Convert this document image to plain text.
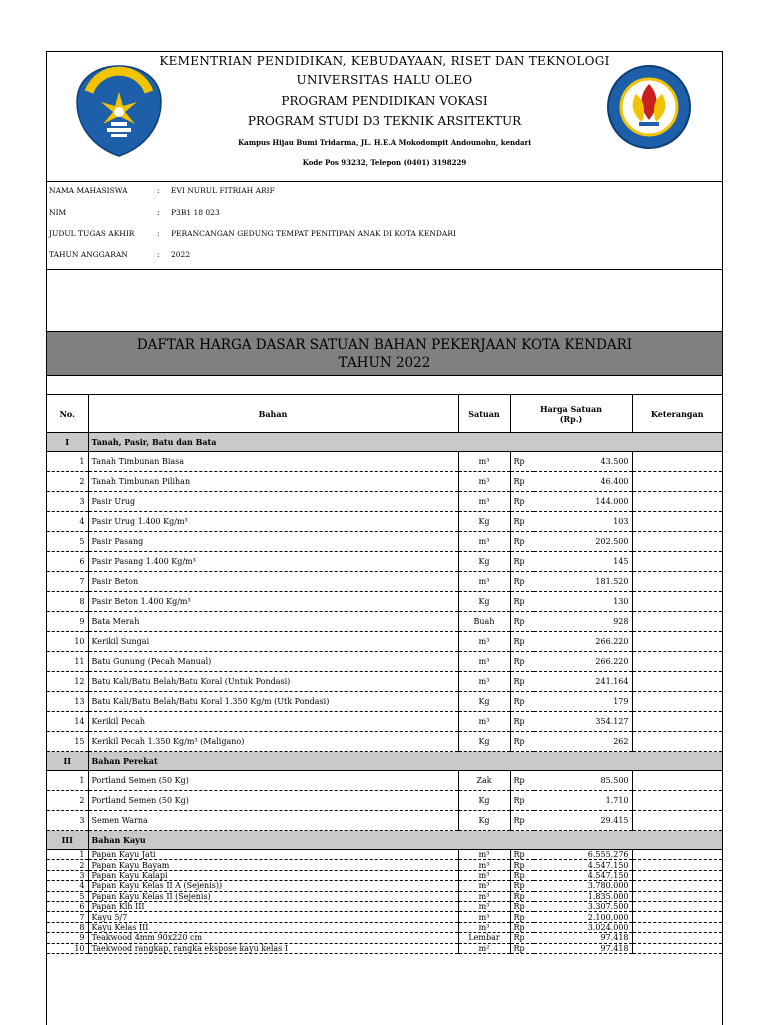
KEMENTRIAN PENDIDIKAN, KEBUDAYAAN, RISET DAN TEKNOLOGI
UNIVERSITAS HALU OLEO
PROGRAM PENDIDIKAN VOKASI
PROGRAM STUDI D3 TEKNIK ARSITEKTUR
Kampus Hijau Bumi Tridarma, JL. H.E.A Mokodompit Andounohu, kendari
Kode Pos 93232, Telepon (0401) 3198229
NAMA MAHASISWA	: EVI NURUL FITRIAH ARIF
NIM	: P3B1 18 023
JUDUL TUGAS AKHIR	: PERANCANGAN GEDUNG TEMPAT PENITIPAN ANAK DI KOTA KENDARI
TAHUN ANGGARAN	: 2022
DAFTAR HARGA DASAR SATUAN BAHAN PEKERJAAN KOTA KENDARI
TAHUN 2022
No.	Bahan	Satuan	Harga Satuan (Rp.)		Keterangan
I	Tanah, Pasir, Batu dan Bata				
1	Tanah Timbunan Biasa	m³	Rp	43.500	
2	Tanah Timbunan Pilihan	m³	Rp	46.400	
3	Pasir Urug	m³	Rp	144.000	
4	Pasir Urug 1.400 Kg/m³	Kg	Rp	103	
5	Pasir Pasang	m³	Rp	202.500	
6	Pasir Pasang 1.400 Kg/m³	Kg	Rp	145	
7	Pasir Beton	m³	Rp	181.520	
8	Pasir Beton 1.400 Kg/m³	Kg	Rp	130	
9	Bata Merah	Buah	Rp	928	
10	Kerikil Sungai	m³	Rp	266.220	
11	Batu Gunung (Pecah Manual)	m³	Rp	266.220	
12	Batu Kali/Batu Belah/Batu Koral (Untuk Pondasi)	m³	Rp	241.164	
13	Batu Kali/Batu Belah/Batu Koral 1.350 Kg/m (Utk Pondasi)	Kg	Rp	179	
14	Kerikil Pecah	m³	Rp	354.127	
15	Kerikil Pecah 1.350 Kg/m³ (Maligano)	Kg	Rp	262	
II	Bahan Perekat				
1	Portland Semen (50 Kg)	Zak	Rp	85.500	
2	Portland Semen (50 Kg)	Kg	Rp	1.710	
3	Semen Warna	Kg	Rp	29.415	
III	Bahan Kayu				
1	Papan Kayu Jati	m³	Rp	6.555.276	
2	Papan Kayu Bayam	m³	Rp	4.547.150	
3	Papan Kayu Kalapi	m³	Rp	4.547.150	
4	Papan Kayu Kelas II A (Sejenis))	m³	Rp	3.780.000	
5	Papan Kayu Kelas II (Sejenis)	m³	Rp	1.835.000	
6	Papan Klh III	m³	Rp	3.307.500	
7	Kayu 5/7	m³	Rp	2.100.000	
8	Kayu Kelas III	m³	Rp	3.024.000	
9	Teakwood 4mm 90x220 cm	Lembar	Rp	97.418	
10	Taekwood rangkap, rangka ekspose kayu kelas I	m²	Rp	97.418	
